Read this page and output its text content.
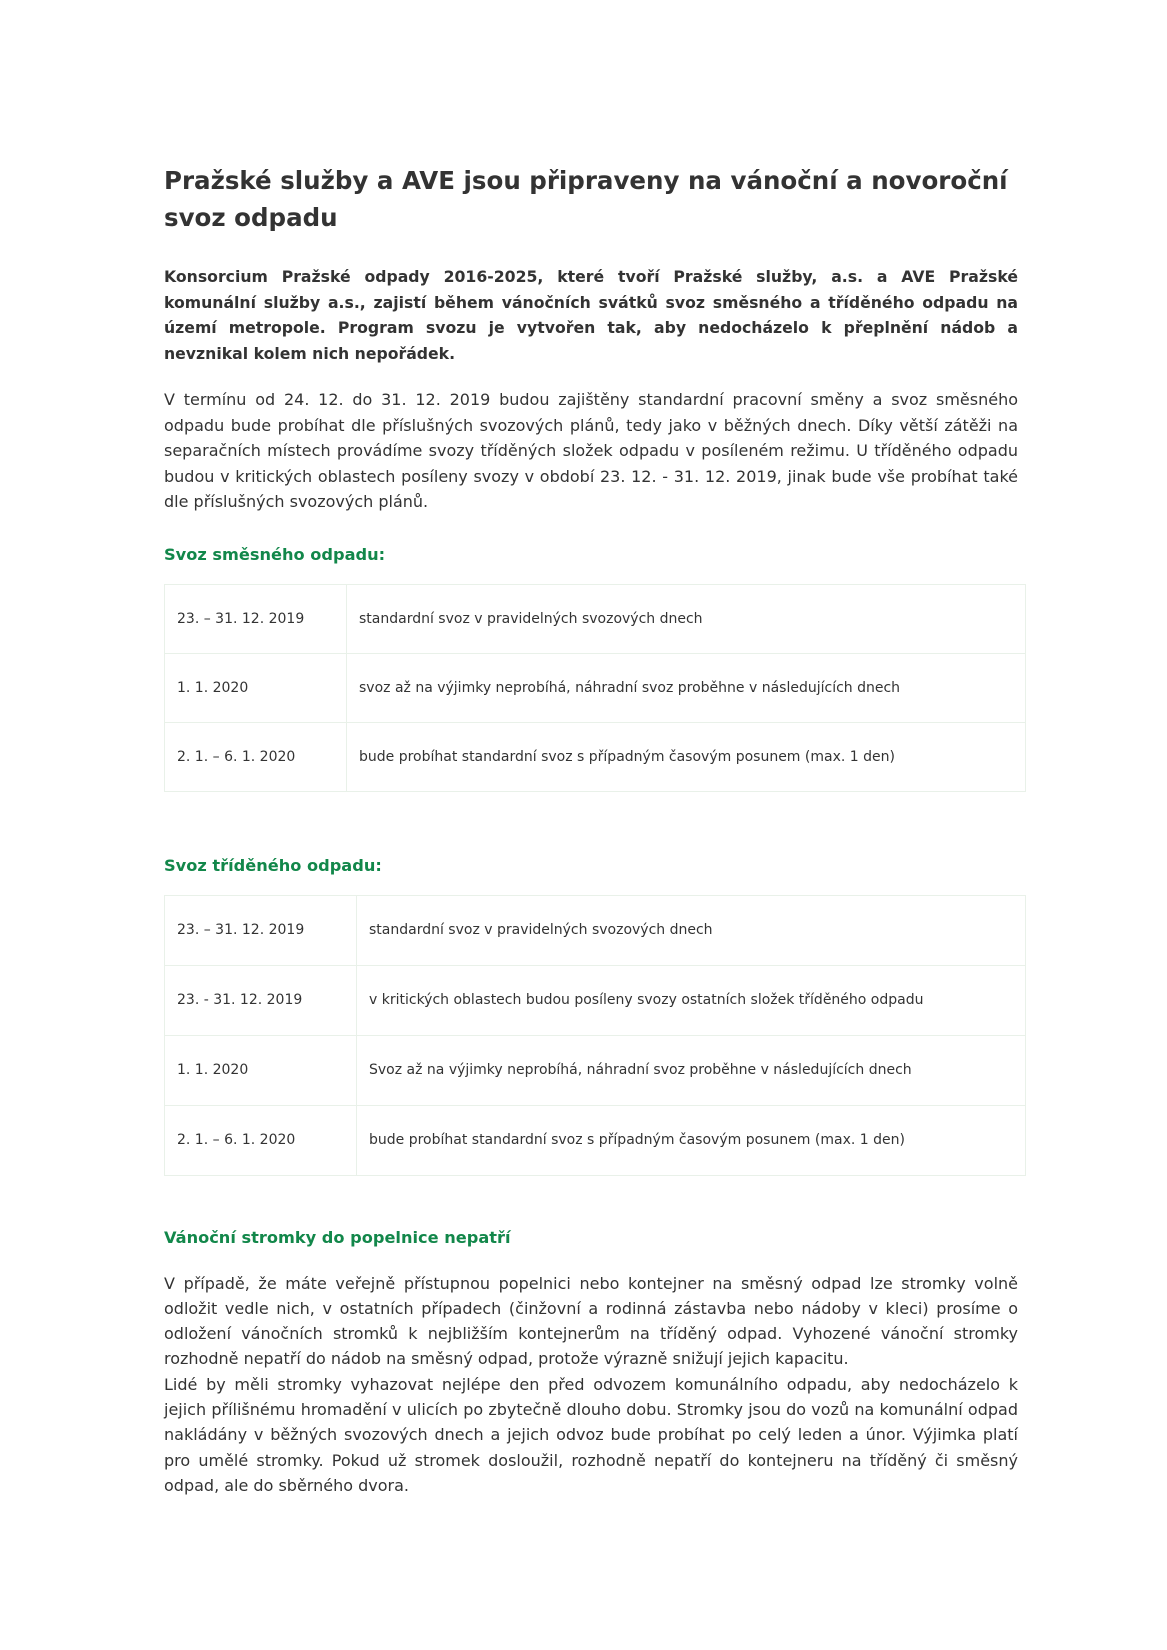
Pražské služby a AVE jsou připraveny na vánoční a novoroční svoz odpadu

Konsorcium Pražské odpady 2016-2025, které tvoří Pražské služby, a.s. a AVE Pražské komunální služby a.s., zajistí během vánočních svátků svoz směsného a tříděného odpadu na území metropole. Program svozu je vytvořen tak, aby nedocházelo k přeplnění nádob a nevznikal kolem nich nepořádek.

V termínu od 24. 12. do 31. 12. 2019 budou zajištěny standardní pracovní směny a svoz směsného odpadu bude probíhat dle příslušných svozových plánů, tedy jako v běžných dnech. Díky větší zátěži na separačních místech provádíme svozy tříděných složek odpadu v posíleném režimu. U tříděného odpadu budou v kritických oblastech posíleny svozy v období 23. 12. - 31. 12. 2019, jinak bude vše probíhat také dle příslušných svozových plánů.

Svoz směsného odpadu:
23. – 31. 12. 2019	standardní svoz v pravidelných svozových dnech
1. 1. 2020	svoz až na výjimky neprobíhá, náhradní svoz proběhne v následujících dnech
2. 1. – 6. 1. 2020	bude probíhat standardní svoz s případným časovým posunem (max. 1 den)
Svoz tříděného odpadu:
23. – 31. 12. 2019	standardní svoz v pravidelných svozových dnech
23. - 31. 12. 2019	v kritických oblastech budou posíleny svozy ostatních složek tříděného odpadu
1. 1. 2020	Svoz až na výjimky neprobíhá, náhradní svoz proběhne v následujících dnech
2. 1. – 6. 1. 2020	bude probíhat standardní svoz s případným časovým posunem (max. 1 den)
Vánoční stromky do popelnice nepatří

V případě, že máte veřejně přístupnou popelnici nebo kontejner na směsný odpad lze stromky volně odložit vedle nich, v ostatních případech (činžovní a rodinná zástavba nebo nádoby v kleci) prosíme o odložení vánočních stromků k nejbližším kontejnerům na tříděný odpad. Vyhozené vánoční stromky rozhodně nepatří do nádob na směsný odpad, protože výrazně snižují jejich kapacitu.

Lidé by měli stromky vyhazovat nejlépe den před odvozem komunálního odpadu, aby nedocházelo k jejich přílišnému hromadění v ulicích po zbytečně dlouho dobu. Stromky jsou do vozů na komunální odpad nakládány v běžných svozových dnech a jejich odvoz bude probíhat po celý leden a únor. Výjimka platí pro umělé stromky. Pokud už stromek dosloužil, rozhodně nepatří do kontejneru na tříděný či směsný odpad, ale do sběrného dvora.
